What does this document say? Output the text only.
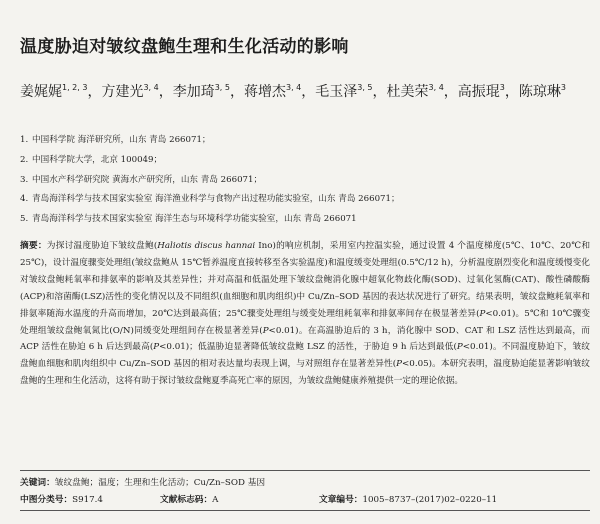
温度胁迫对皱纹盘鲍生理和生化活动的影响
姜娓娓$^{1, 2, 3}$，方建光$^{3, 4}$，李加琦$^{3, 5}$，蒋增杰$^{3, 4}$，毛玉泽$^{3, 5}$，杜美荣$^{3, 4}$，高振琨$^3$，陈琼琳$^3$
1. 中国科学院 海洋研究所，山东 青岛 266071；
2. 中国科学院大学，北京 100049；
3. 中国水产科学研究院 黄海水产研究所，山东 青岛 266071；
4. 青岛海洋科学与技术国家实验室 海洋渔业科学与食物产出过程功能实验室，山东 青岛 266071；
5. 青岛海洋科学与技术国家实验室 海洋生态与环境科学功能实验室，山东 青岛 266071

摘要：为探讨温度胁迫下皱纹盘鲍(Haliotis discus hannai Ino)的响应机制，采用室内控温实验，通过设置 4 个温度梯度(5℃、10℃、20℃和 25℃)，设计温度骤变处理组(皱纹盘鲍从 15℃暂养温度直接转移至各实验温度)和温度缓变处理组(0.5℃/12 h)，分析温度剧烈变化和温度缓慢变化对皱纹盘鲍耗氧率和排氨率的影响及其差异性；并对高温和低温处理下皱纹盘鲍消化腺中超氧化物歧化酶(SOD)、过氧化氢酶(CAT)、酸性磷酸酶(ACP)和溶菌酶(LSZ)活性的变化情况以及不同组织(血细胞和肌肉组织)中 Cu/Zn–SOD 基因的表达状况进行了研究。结果表明，皱纹盘鲍耗氧率和排氨率随海水温度的升高而增加，20℃达到最高值；25℃骤变处理组与缓变处理组耗氧率和排氨率间存在极显著差异(P<0.01)。5℃和 10℃骤变处理组皱纹盘鲍氧氮比(O/N)同缓变处理组间存在极显著差异(P<0.01)。在高温胁迫后的 3 h，消化腺中 SOD、CAT 和 LSZ 活性达到最高，而 ACP 活性在胁迫 6 h 后达到最高(P<0.01)；低温胁迫显著降低皱纹盘鲍 LSZ 的活性，于胁迫 9 h 后达到最低(P<0.01)。不同温度胁迫下，皱纹盘鲍血细胞和肌肉组织中 Cu/Zn–SOD 基因的相对表达量均表现上调，与对照组存在显著差异性(P<0.05)。本研究表明，温度胁迫能显著影响皱纹盘鲍的生理和生化活动，这将有助于探讨皱纹盘鲍夏季高死亡率的原因，为皱纹盘鲍健康养殖提供一定的理论依据。

关键词：皱纹盘鲍；温度；生理和生化活动；Cu/Zn–SOD 基因
中图分类号：S917.4	文献标志码：A	文章编号：1005–8737–(2017)02–0220–11
